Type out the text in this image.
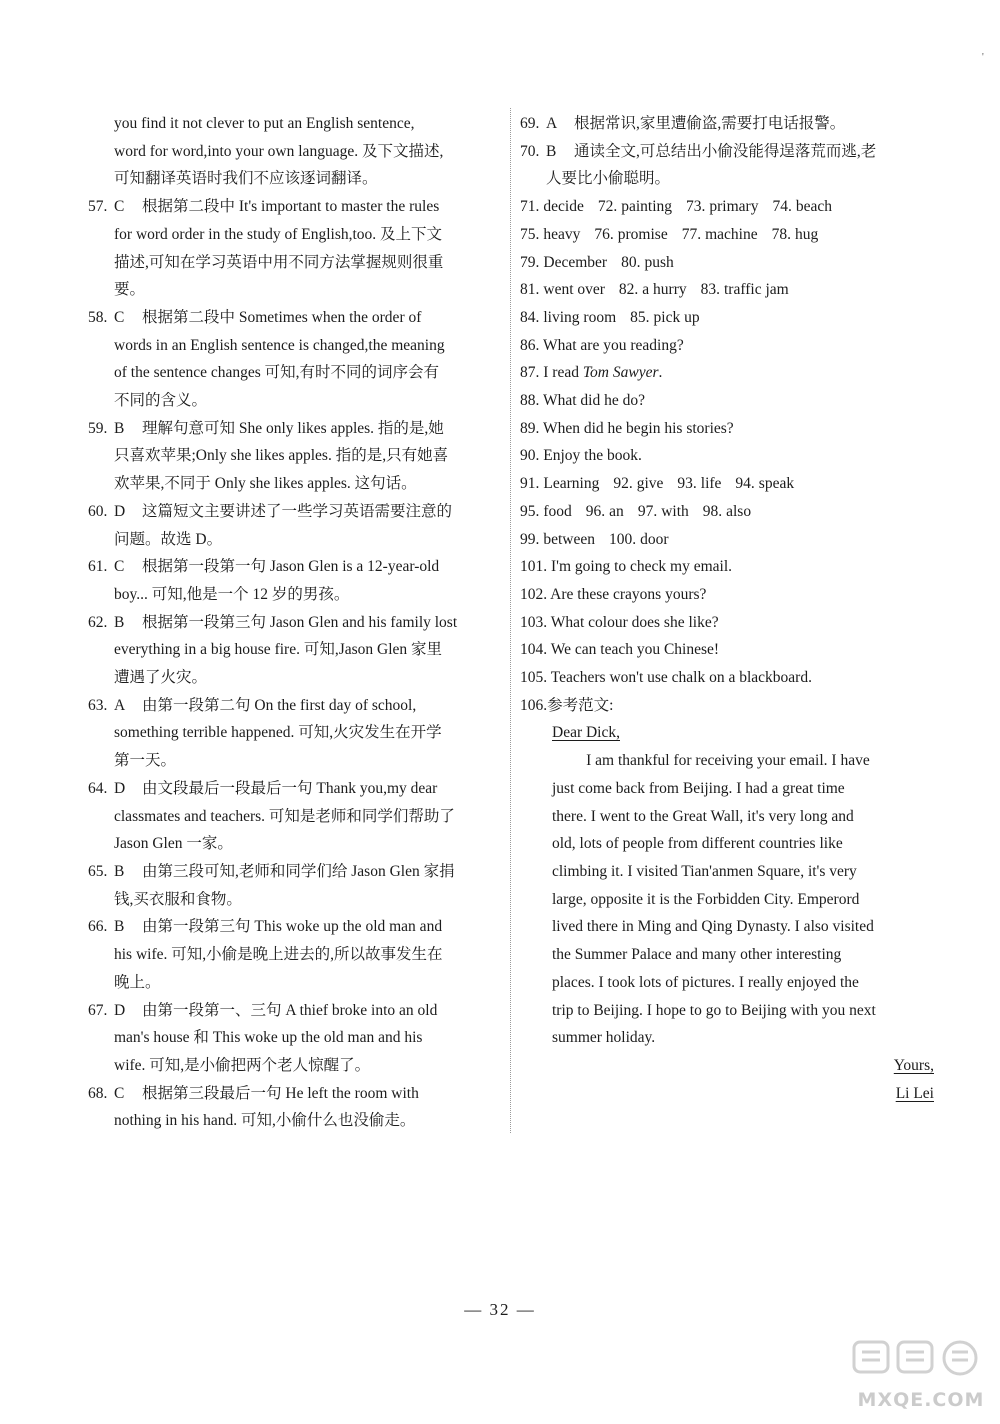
'
you find it not clever to put an English sentence,
word for word,into your own language. 及下文描述,
可知翻译英语时我们不应该逐词翻译。
57. C 根据第二段中 It's important to master the rules
for word order in the study of English,too. 及上下文
描述,可知在学习英语中用不同方法掌握规则很重
要。
58. C 根据第二段中 Sometimes when the order of
words in an English sentence is changed,the meaning
of the sentence changes 可知,有时不同的词序会有
不同的含义。
59. B 理解句意可知 She only likes apples. 指的是,她
只喜欢苹果;Only she likes apples. 指的是,只有她喜
欢苹果,不同于 Only she likes apples. 这句话。
60. D 这篇短文主要讲述了一些学习英语需要注意的
问题。故选 D。
61. C 根据第一段第一句 Jason Glen is a 12-year-old
boy... 可知,他是一个 12 岁的男孩。
62. B 根据第一段第三句 Jason Glen and his family lost
everything in a big house fire. 可知,Jason Glen 家里
遭遇了火灾。
63. A 由第一段第二句 On the first day of school,
something terrible happened. 可知,火灾发生在开学
第一天。
64. D 由文段最后一段最后一句 Thank you,my dear
classmates and teachers. 可知是老师和同学们帮助了
Jason Glen 一家。
65. B 由第三段可知,老师和同学们给 Jason Glen 家捐
钱,买衣服和食物。
66. B 由第一段第三句 This woke up the old man and
his wife. 可知,小偷是晚上进去的,所以故事发生在
晚上。
67. D 由第一段第一、三句 A thief broke into an old
man's house 和 This woke up the old man and his
wife. 可知,是小偷把两个老人惊醒了。
68. C 根据第三段最后一句 He left the room with
nothing in his hand. 可知,小偷什么也没偷走。
69. A 根据常识,家里遭偷盗,需要打电话报警。
70. B 通读全文,可总结出小偷没能得逞落荒而逃,老
人要比小偷聪明。
71. decide 72. painting 73. primary 74. beach
75. heavy 76. promise 77. machine 78. hug
79. December 80. push
81. went over 82. a hurry 83. traffic jam
84. living room 85. pick up
86. What are you reading?
87. I read Tom Sawyer.
88. What did he do?
89. When did he begin his stories?
90. Enjoy the book.
91. Learning 92. give 93. life 94. speak
95. food 96. an 97. with 98. also
99. between 100. door
101. I'm going to check my email.
102. Are these crayons yours?
103. What colour does she like?
104. We can teach you Chinese!
105. Teachers won't use chalk on a blackboard.
106.参考范文:
Dear Dick,
I am thankful for receiving your email. I have
just come back from Beijing. I had a great time
there. I went to the Great Wall, it's very long and
old, lots of people from different countries like
climbing it. I visited Tian'anmen Square, it's very
large, opposite it is the Forbidden City. Emperord
lived there in Ming and Qing Dynasty. I also visited
the Summer Palace and many other interesting
places. I took lots of pictures. I really enjoyed the
trip to Beijing. I hope to go to Beijing with you next
summer holiday.
Yours,
Li Lei
— 32 —
MXQE.COM
